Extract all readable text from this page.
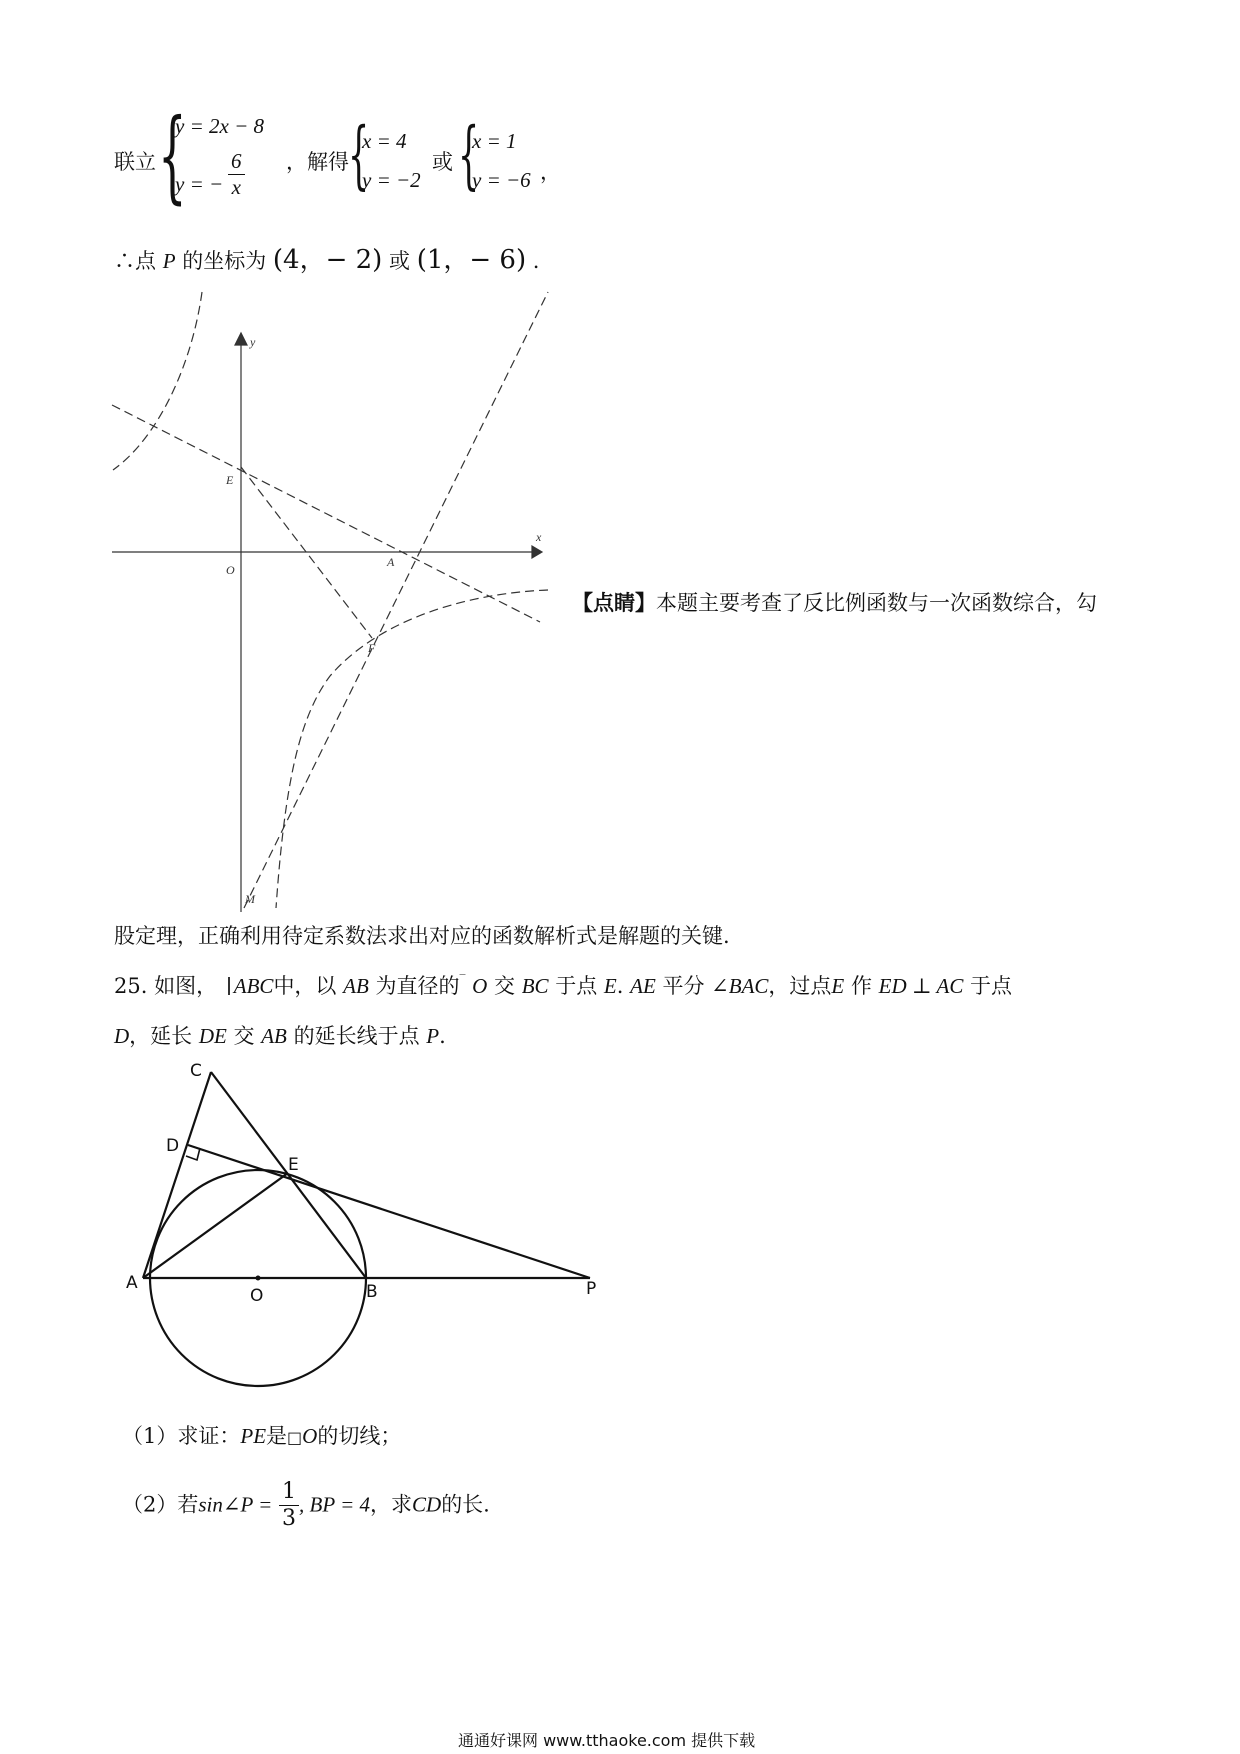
联立 {
y = 2x − 8
y = − $\frac{6}{x}$ ，解得 {
x = 4
y = −2
或 {
x = 1
y = −6 ，
∴点 P 的坐标为 (4，− 2) 或 (1，− 6) .
y
x
E
O
A
F
M
【点睛】本题主要考查了反比例函数与一次函数综合，勾
股定理，正确利用待定系数法求出对应的函数解析式是解题的关键.
25. 如图， ABC中，以 AB 为直径的‾ O 交 BC 于点 E. AE 平分 ∠BAC，过点E 作 ED ⊥ AC 于点
D，延长 DE 交 AB 的延长线于点 P.
C
D
E
A
O	B	P
（1）求证：PE是□O的切线；
（2）若sin∠P = $\frac{1}{3}$ , BP = 4，求CD的长.
通通好课网 www.tthaoke.com 提供下载
